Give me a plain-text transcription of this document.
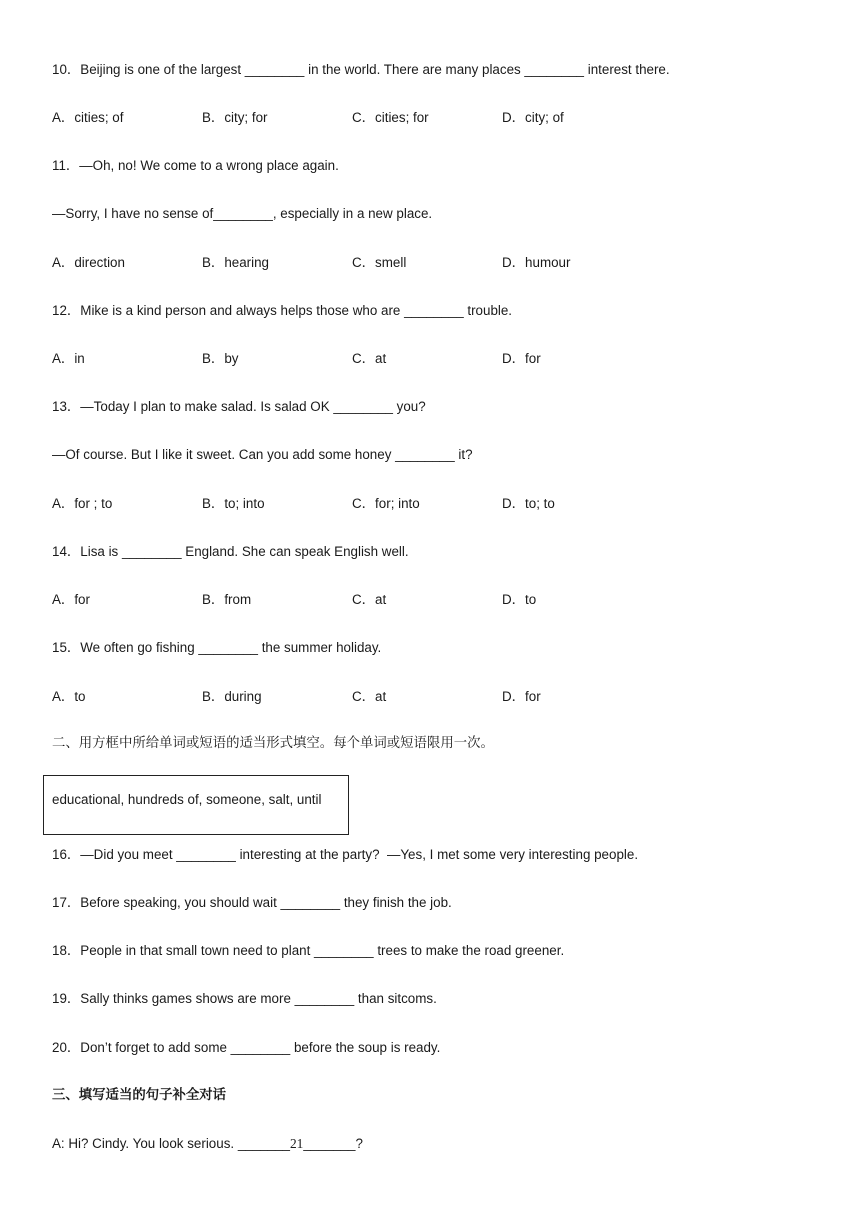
10．Beijing is one of the largest ________ in the world. There are many places ________ interest there.
A．cities; of	B．city; for	C．cities; for	D．city; of
11．—Oh, no! We come to a wrong place again.
—Sorry, I have no sense of________, especially in a new place.
A．direction	B．hearing	C．smell	D．humour
12．Mike is a kind person and always helps those who are ________ trouble.
A．in	B．by	C．at	D．for
13．—Today I plan to make salad. Is salad OK ________ you?
—Of course. But I like it sweet. Can you add some honey ________ it?
A．for ; to	B．to; into	C．for; into	D．to; to
14．Lisa is ________ England. She can speak English well.
A．for	B．from	C．at	D．to
15．We often go fishing ________ the summer holiday.
A．to	B．during	C．at	D．for
二、用方框中所给单词或短语的适当形式填空。每个单词或短语限用一次。
educational, hundreds of, someone, salt, until
16．—Did you meet ________ interesting at the party?  —Yes, I met some very interesting people.
17．Before speaking, you should wait ________ they finish the job.
18．People in that small town need to plant ________ trees to make the road greener.
19．Sally thinks games shows are more ________ than sitcoms.
20．Don’t forget to add some ________ before the soup is ready.
三、填写适当的句子补全对话
A: Hi? Cindy. You look serious. _______21_______?
